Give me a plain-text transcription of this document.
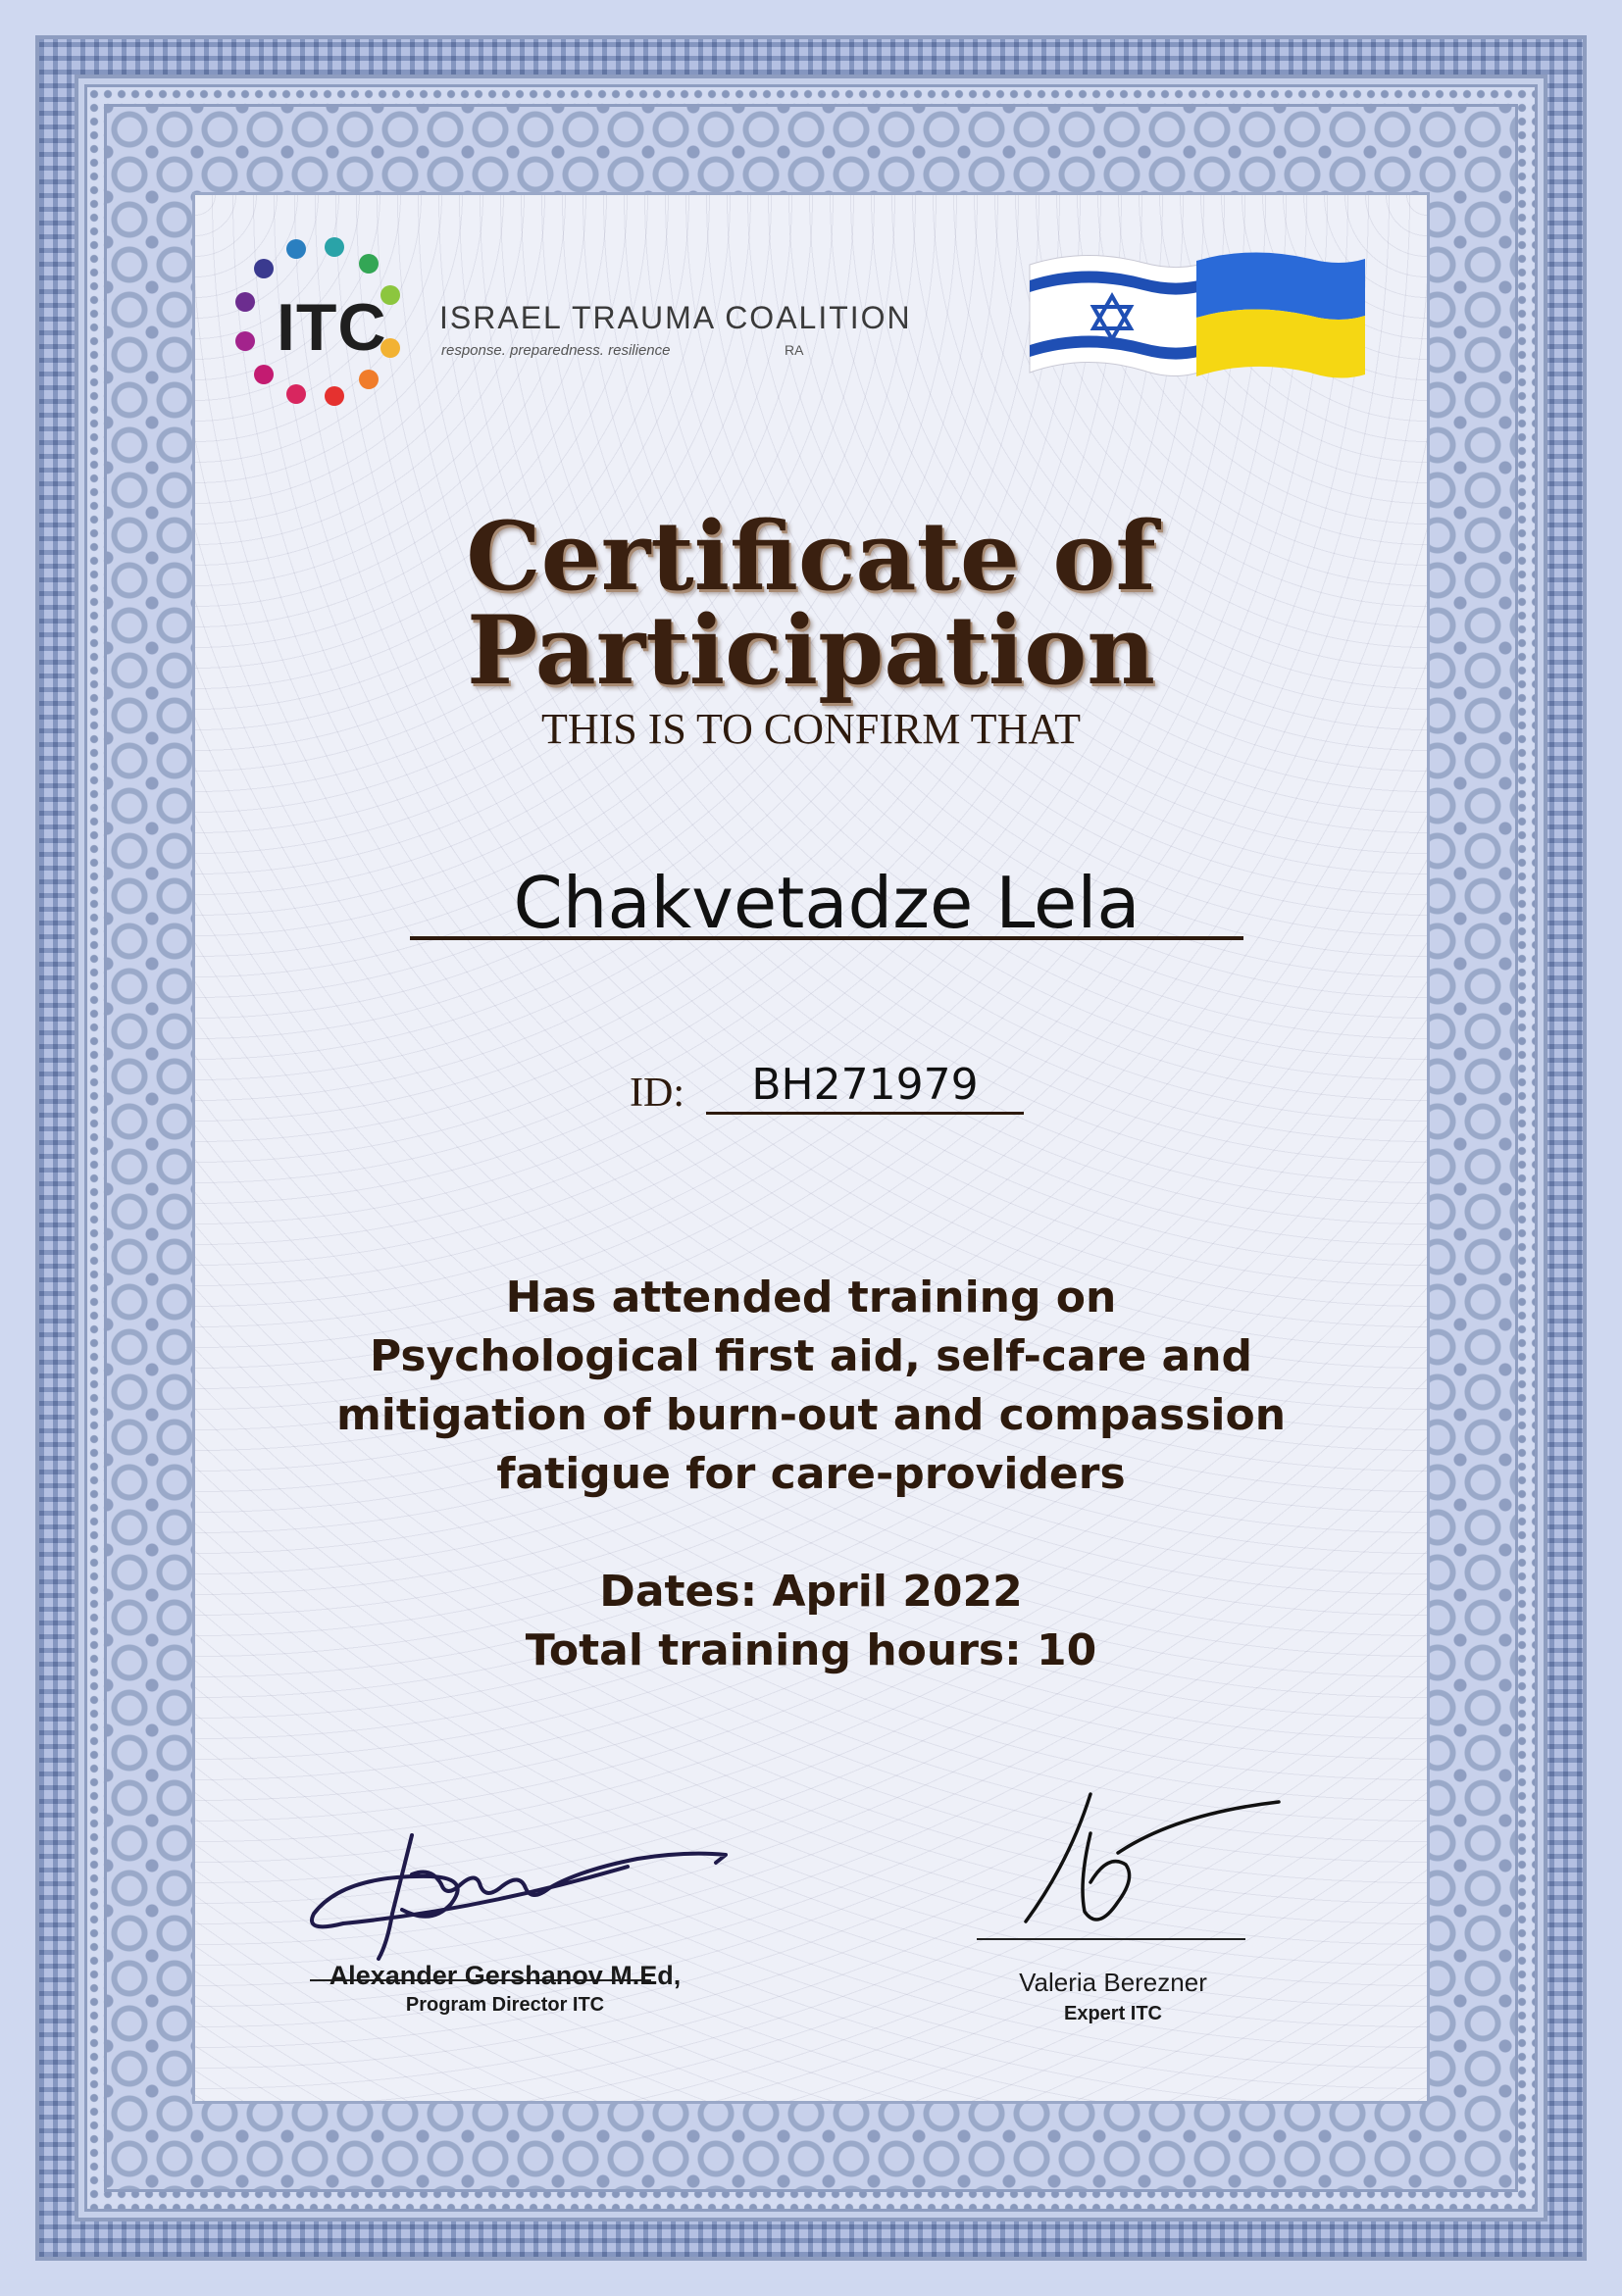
ITC ISRAEL TRAUMA COALITION
response. preparedness. resilience	RA
Certificate of Participation
THIS IS TO CONFIRM THAT
Chakvetadze Lela
ID:	BH271979
Has attended training on
Psychological first aid, self-care and
mitigation of burn-out and compassion
fatigue for care-providers
Dates: April 2022
Total training hours: 10
Alexander Gershanov M.Ed,
Program Director ITC
Valeria Berezner
Expert ITC
